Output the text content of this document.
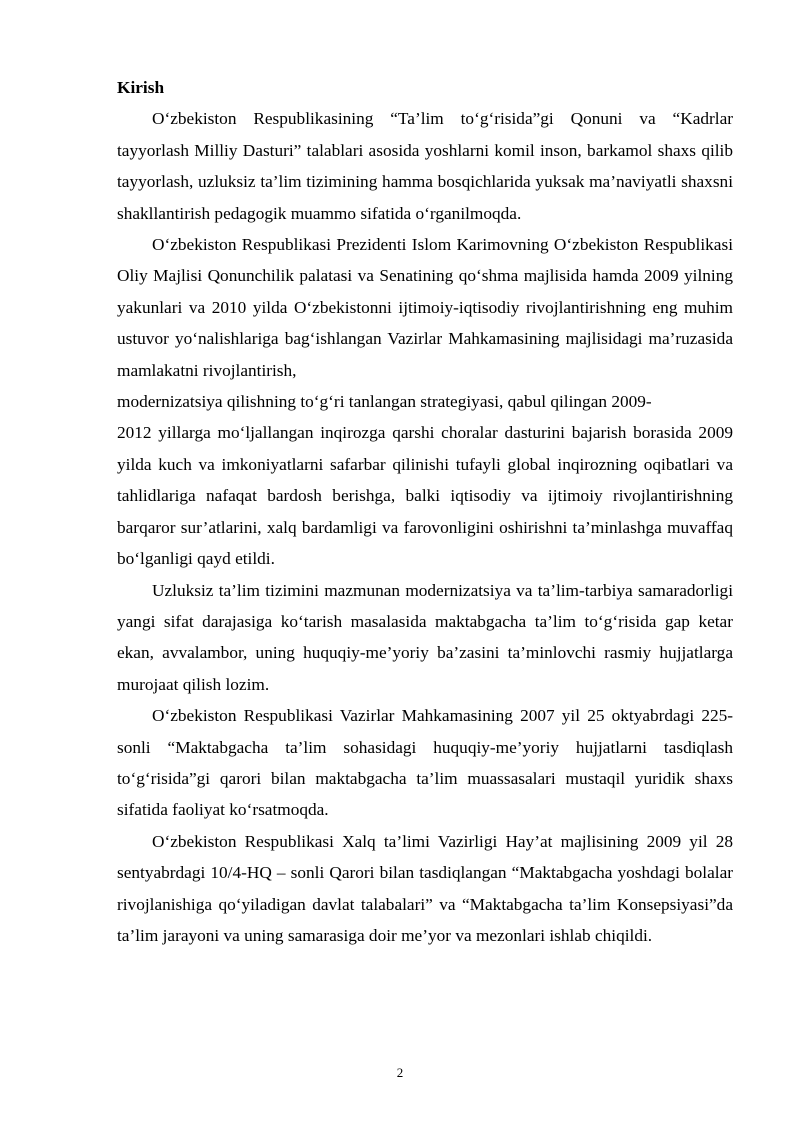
Kirish

O‘zbekiston Respublikasining “Ta’lim to‘g‘risida”gi Qonuni va “Kadrlar tayyorlash Milliy Dasturi” talablari asosida yoshlarni komil inson, barkamol shaxs qilib tayyorlash, uzluksiz ta’lim tizimining hamma bosqichlarida yuksak ma’naviyatli shaxsni shakllantirish pedagogik muammo sifatida o‘rganilmoqda.

O‘zbekiston Respublikasi Prezidenti Islom Karimovning O‘zbekiston Respublikasi Oliy Majlisi Qonunchilik palatasi va Senatining qo‘shma majlisida hamda 2009 yilning yakunlari va 2010 yilda O‘zbekistonni ijtimoiy-iqtisodiy rivojlantirishning eng muhim ustuvor yo‘nalishlariga bag‘ishlangan Vazirlar Mahkamasining majlisidagi ma’ruzasida mamlakatni rivojlantirish,

modernizatsiya qilishning to‘g‘ri tanlangan strategiyasi, qabul qilingan 2009-

2012 yillarga mo‘ljallangan inqirozga qarshi choralar dasturini bajarish borasida 2009 yilda kuch va imkoniyatlarni safarbar qilinishi tufayli global inqirozning oqibatlari va tahlidlariga nafaqat bardosh berishga, balki iqtisodiy va ijtimoiy rivojlantirishning barqaror sur’atlarini, xalq bardamligi va farovonligini oshirishni ta’minlashga muvaffaq bo‘lganligi qayd etildi.

Uzluksiz ta’lim tizimini mazmunan modernizatsiya va ta’lim-tarbiya samaradorligi yangi sifat darajasiga ko‘tarish masalasida maktabgacha ta’lim to‘g‘risida gap ketar ekan, avvalambor, uning huquqiy-me’yoriy ba’zasini ta’minlovchi rasmiy hujjatlarga murojaat qilish lozim.

O‘zbekiston Respublikasi Vazirlar Mahkamasining 2007 yil 25 oktyabrdagi 225-sonli “Maktabgacha ta’lim sohasidagi huquqiy-me’yoriy hujjatlarni tasdiqlash to‘g‘risida”gi qarori bilan maktabgacha ta’lim muassasalari mustaqil yuridik shaxs sifatida faoliyat ko‘rsatmoqda.

O‘zbekiston Respublikasi Xalq ta’limi Vazirligi Hay’at majlisining 2009 yil 28 sentyabrdagi 10/4-HQ – sonli Qarori bilan tasdiqlangan “Maktabgacha yoshdagi bolalar rivojlanishiga qo‘yiladigan davlat talabalari” va “Maktabgacha ta’lim Konsepsiyasi”da ta’lim jarayoni va uning samarasiga doir me’yor va mezonlari ishlab chiqildi.

2
